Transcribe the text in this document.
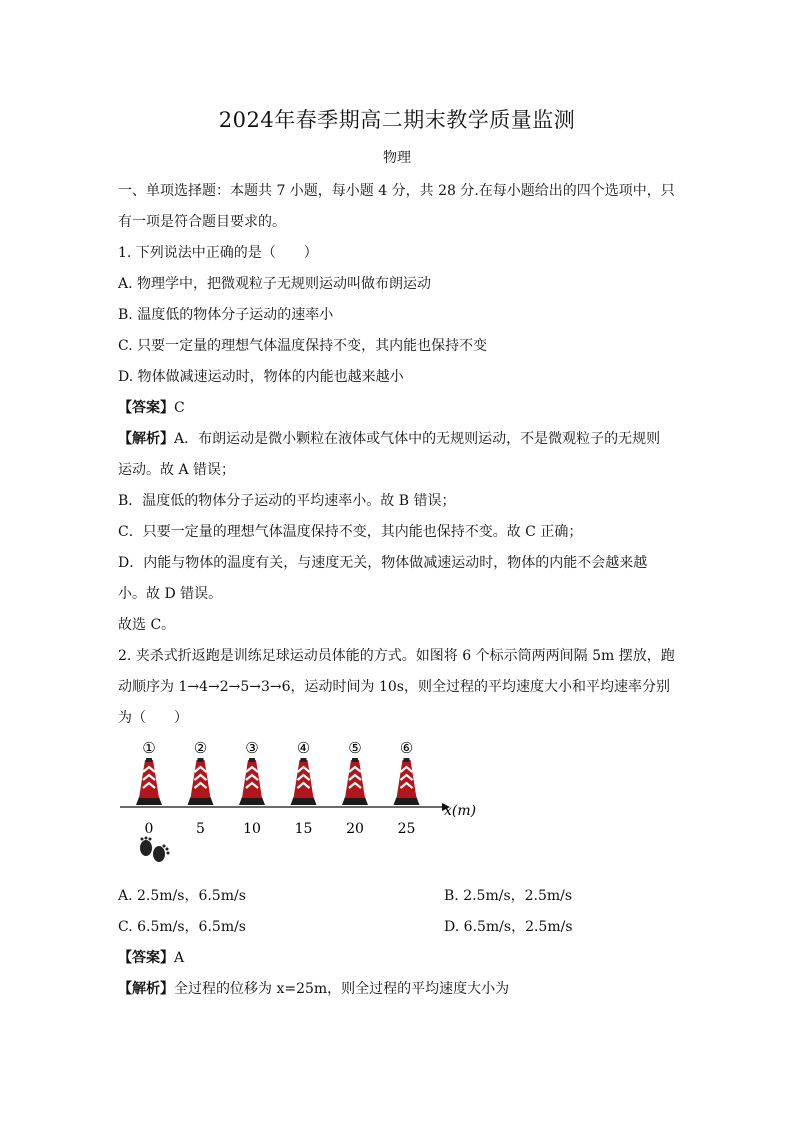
2024年春季期高二期末教学质量监测
物理
一、单项选择题：本题共 7 小题，每小题 4 分，共 28 分.在每小题给出的四个选项中，只
有一项是符合题目要求的。
1. 下列说法中正确的是（　　）
A. 物理学中，把微观粒子无规则运动叫做布朗运动
B. 温度低的物体分子运动的速率小
C. 只要一定量的理想气体温度保持不变，其内能也保持不变
D. 物体做减速运动时，物体的内能也越来越小
【答案】C
【解析】A．布朗运动是微小颗粒在液体或气体中的无规则运动，不是微观粒子的无规则
运动。故 A 错误；
B．温度低的物体分子运动的平均速率小。故 B 错误；
C．只要一定量的理想气体温度保持不变，其内能也保持不变。故 C 正确；
D．内能与物体的温度有关，与速度无关，物体做减速运动时，物体的内能不会越来越
小。故 D 错误。
故选 C。
2. 夹杀式折返跑是训练足球运动员体能的方式。如图将 6 个标示筒两两间隔 5m 摆放，跑
动顺序为 1→4→2→5→3→6，运动时间为 10s，则全过程的平均速度大小和平均速率分别
为（　　）
①	②	③	④	⑤	⑥
x(m)
0	5	10 15 20 25
A. 2.5m/s，6.5m/s	B. 2.5m/s，2.5m/s
C. 6.5m/s，6.5m/s	D. 6.5m/s，2.5m/s
【答案】A
【解析】全过程的位移为 x=25m，则全过程的平均速度大小为
